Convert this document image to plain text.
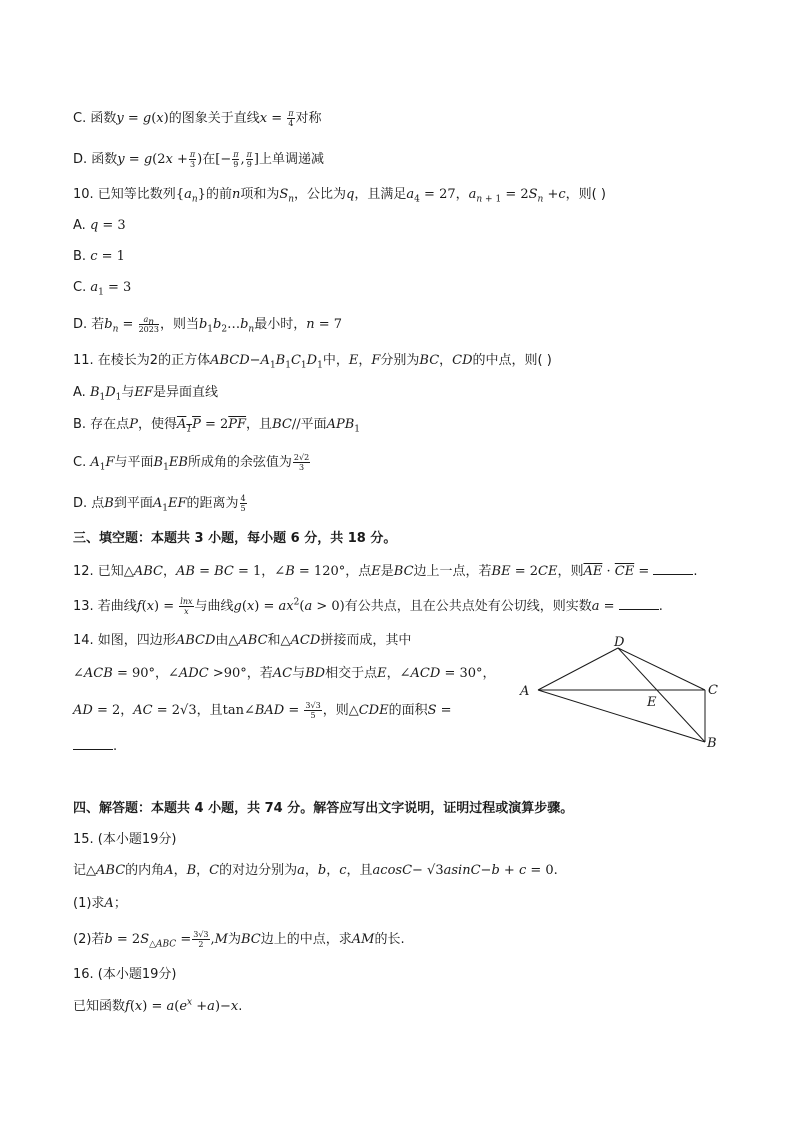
C. 函数y = g(x)的图象关于直线$x = \frac{\pi}{4}$ 对称
D. 函数$y = g(2x + \frac{\pi}{3}$ )在[− $\frac{\pi}{9}$ , $\frac{\pi}{9}$ ]上单调递减
10. 已知等比数列$\{a_n\}$的前n项和为$S_n$，公比为q，且满足$a_4 = 27$，$a_{n +}$ $_1 = 2S_n +c$，则( )
A. q = 3
B. c = 1
C. $a_1 = 3$
D. 若$b_n = \frac{a_n}{2023}$ ，则当$b_1b_2\dots b_n$最小时，n = 7
11. 在棱长为2的正方体$ABCD-A_1B_1C_1D_1$中，E，F分别为BC，CD的中点，则( )
A. $B_1D_1$与EF是异面直线
B. 存在点P，使得$A_1P = 2\overline{PF}$，且BC//平面$APB_1$
C. $A_1F$与平面$B_1EB$所成角的余弦值为 $\frac{2√2}{3}$
D. 点B到平面$A_1EF$的距离为 $\frac{4}{5}$
三、填空题：本题共 3 小题，每小题 6 分，共 18 分。
12. 已知△ABC，AB = BC = 1，∠B = 120°，点E是BC边上一点，若BE = 2CE，则$\overline{AE} \cdot \overline{CE}$ =	.
13. 若曲线$f(x) = \frac{\ln x}{x}$ 与曲线$g(x) = ax^2(a > 0)$有公共点，且在公共点处有公切线，则实数a =	.
14. 如图，四边形ABCD由△ABC和△ACD拼接而成，其中
∠ACB = 90°，∠ADC >90°，若AC与BD相交于点E，∠ACD = 30°，
AD = 2，AC = 2√3，且tan∠BAD = $\frac{3√3}{5}$ ，则△CDE的面积S =
.
D
A
E
C
B
四、解答题：本题共 4 小题，共 74 分。解答应写出文字说明，证明过程或演算步骤。
15. (本小题19分)
记△ABC的内角A，B，C的对边分别为a，b，c，且acosC− √3asinC−b + c = 0.
(1)求A；
(2)若$b = 2S_{\triangle ABC} = \frac{3√3}{2} ,M$为BC边上的中点，求AM的长.
16. (本小题19分)
已知函数$f(x) = a(e^x +a)-x$.
